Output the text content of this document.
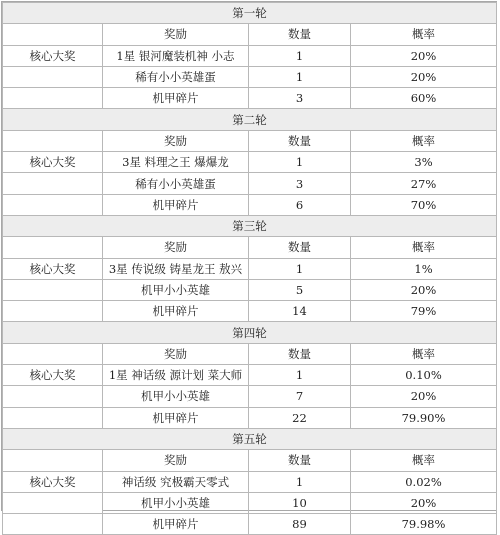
第一轮			
	奖励	数量	概率
核心大奖	1星 银河魔装机神 小志	1	20%
	稀有小小英雄蛋	1	20%
	机甲碎片	3	60%
第二轮			
	奖励	数量	概率
核心大奖	3星 料理之王 爆爆龙	1	3%
	稀有小小英雄蛋	3	27%
	机甲碎片	6	70%
第三轮			
	奖励	数量	概率
核心大奖	3星 传说级 铸星龙王 敖兴	1	1%
	机甲小小英雄	5	20%
	机甲碎片	14	79%
第四轮			
	奖励	数量	概率
核心大奖	1星 神话级 源计划 菜大师	1	0.10%
	机甲小小英雄	7	20%
	机甲碎片	22	79.90%
第五轮			
	奖励	数量	概率
核心大奖	神话级 究极霸天零式	1	0.02%
	机甲小小英雄	10	20%
	机甲碎片	89	79.98%
